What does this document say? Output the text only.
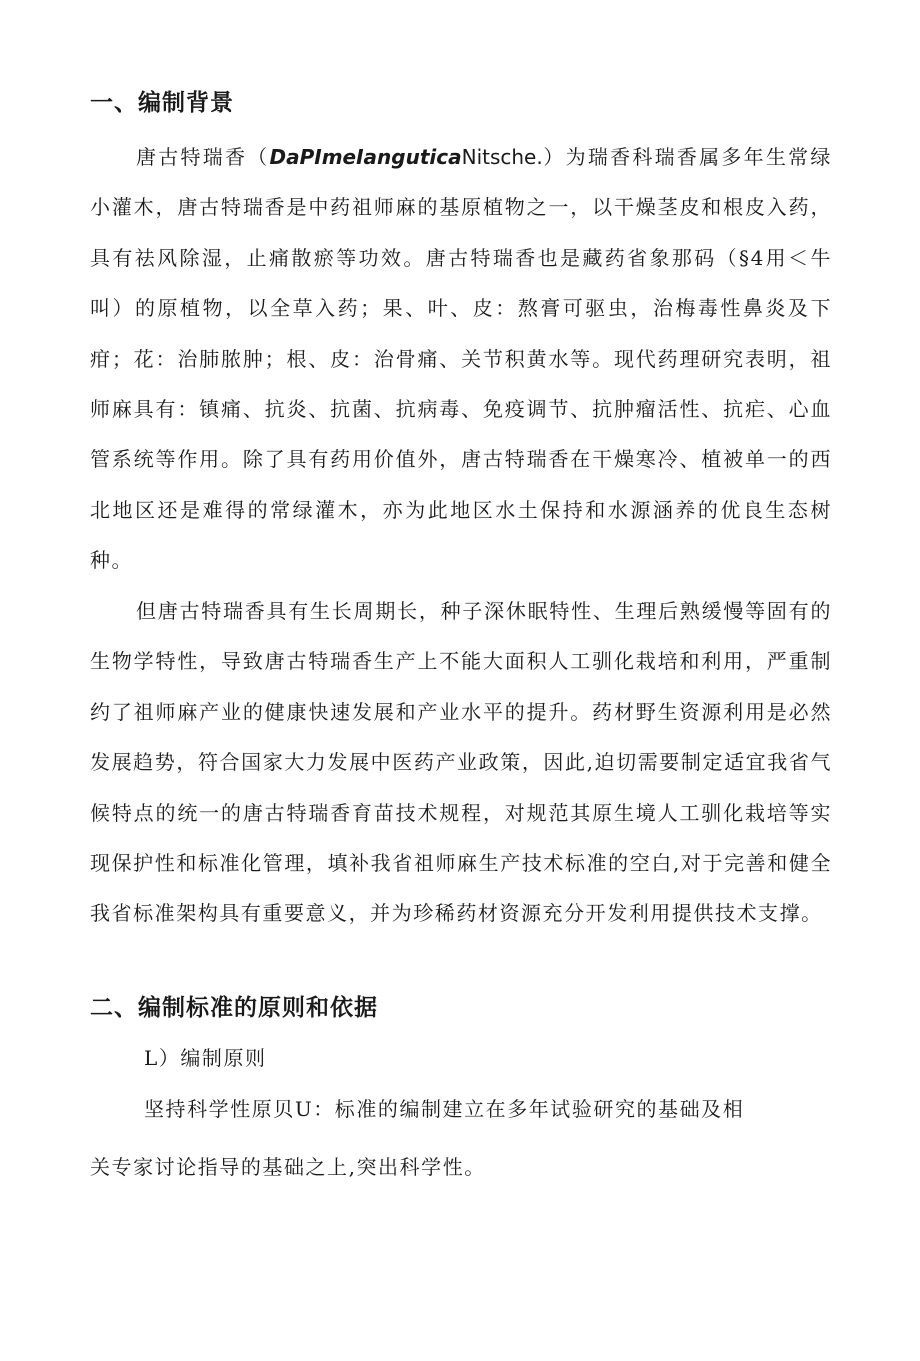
一、编制背景

唐古特瑞香（DaPImeIanguticaNitsche.）为瑞香科瑞香属多年生常绿小灌木，唐古特瑞香是中药祖师麻的基原植物之一，以干燥茎皮和根皮入药，具有祛风除湿，止痛散瘀等功效。唐古特瑞香也是藏药省象那码（§4用＜牛叫）的原植物，以全草入药；果、叶、皮：熬膏可驱虫，治梅毒性鼻炎及下疳；花：治肺脓肿；根、皮：治骨痛、关节积黄水等。现代药理研究表明，祖师麻具有：镇痛、抗炎、抗菌、抗病毒、免疫调节、抗肿瘤活性、抗疟、心血管系统等作用。除了具有药用价值外，唐古特瑞香在干燥寒冷、植被单一的西北地区还是难得的常绿灌木，亦为此地区水土保持和水源涵养的优良生态树种。

但唐古特瑞香具有生长周期长，种子深休眠特性、生理后熟缓慢等固有的生物学特性，导致唐古特瑞香生产上不能大面积人工驯化栽培和利用，严重制约了祖师麻产业的健康快速发展和产业水平的提升。药材野生资源利用是必然发展趋势，符合国家大力发展中医药产业政策，因此,迫切需要制定适宜我省气候特点的统一的唐古特瑞香育苗技术规程，对规范其原生境人工驯化栽培等实现保护性和标准化管理，填补我省祖师麻生产技术标准的空白,对于完善和健全我省标准架构具有重要意义，并为珍稀药材资源充分开发利用提供技术支撑。

二、编制标准的原则和依据
L）编制原则
坚持科学性原贝U：标准的编制建立在多年试验研究的基础及相
关专家讨论指导的基础之上,突出科学性。
